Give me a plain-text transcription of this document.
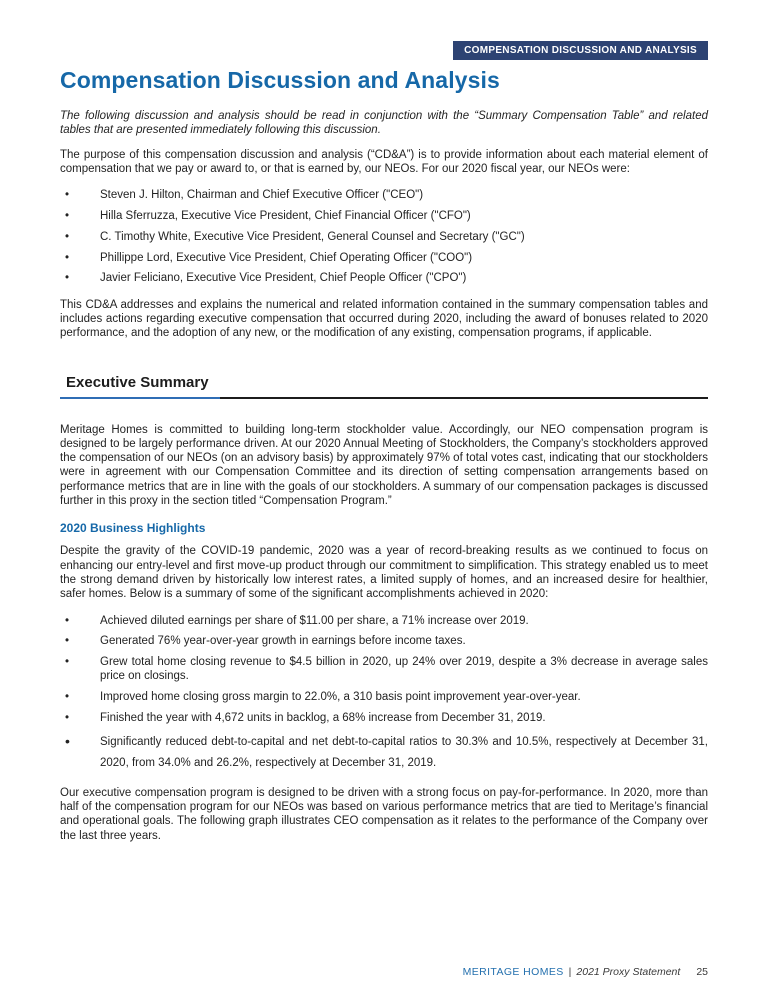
COMPENSATION DISCUSSION AND ANALYSIS
Compensation Discussion and Analysis

The following discussion and analysis should be read in conjunction with the “Summary Compensation Table” and related tables that are presented immediately following this discussion.

The purpose of this compensation discussion and analysis (“CD&A”) is to provide information about each material element of compensation that we pay or award to, or that is earned by, our NEOs. For our 2020 fiscal year, our NEOs were:

• Steven J. Hilton, Chairman and Chief Executive Officer ("CEO")
• Hilla Sferruzza, Executive Vice President, Chief Financial Officer ("CFO")
• C. Timothy White, Executive Vice President, General Counsel and Secretary ("GC")
• Phillippe Lord, Executive Vice President, Chief Operating Officer ("COO")
• Javier Feliciano, Executive Vice President, Chief People Officer ("CPO")

This CD&A addresses and explains the numerical and related information contained in the summary compensation tables and includes actions regarding executive compensation that occurred during 2020, including the award of bonuses related to 2020 performance, and the adoption of any new, or the modification of any existing, compensation programs, if applicable.

Executive Summary

Meritage Homes is committed to building long-term stockholder value. Accordingly, our NEO compensation program is designed to be largely performance driven. At our 2020 Annual Meeting of Stockholders, the Company’s stockholders approved the compensation of our NEOs (on an advisory basis) by approximately 97% of total votes cast, indicating that our stockholders were in agreement with our Compensation Committee and its direction of setting compensation arrangements based on performance metrics that are in line with the goals of our stockholders. A summary of our compensation packages is discussed further in this proxy in the section titled “Compensation Program.”

2020 Business Highlights

Despite the gravity of the COVID-19 pandemic, 2020 was a year of record-breaking results as we continued to focus on enhancing our entry-level and first move-up product through our commitment to simplification. This strategy enabled us to meet the strong demand driven by historically low interest rates, a limited supply of homes, and an increased desire for healthier, safer homes. Below is a summary of some of the significant accomplishments achieved in 2020:

• Achieved diluted earnings per share of $11.00 per share, a 71% increase over 2019.
• Generated 76% year-over-year growth in earnings before income taxes.
• Grew total home closing revenue to $4.5 billion in 2020, up 24% over 2019, despite a 3% decrease in average sales price on closings.
• Improved home closing gross margin to 22.0%, a 310 basis point improvement year-over-year.
• Finished the year with 4,672 units in backlog, a 68% increase from December 31, 2019.
• Significantly reduced debt-to-capital and net debt-to-capital ratios to 30.3% and 10.5%, respectively at December 31, 2020, from 34.0% and 26.2%, respectively at December 31, 2019.

Our executive compensation program is designed to be driven with a strong focus on pay-for-performance. In 2020, more than half of the compensation program for our NEOs was based on various performance metrics that are tied to Meritage’s financial and operational goals. The following graph illustrates CEO compensation as it relates to the performance of the Company over the last three years.

MERITAGE HOMES | 2021 Proxy Statement 25
